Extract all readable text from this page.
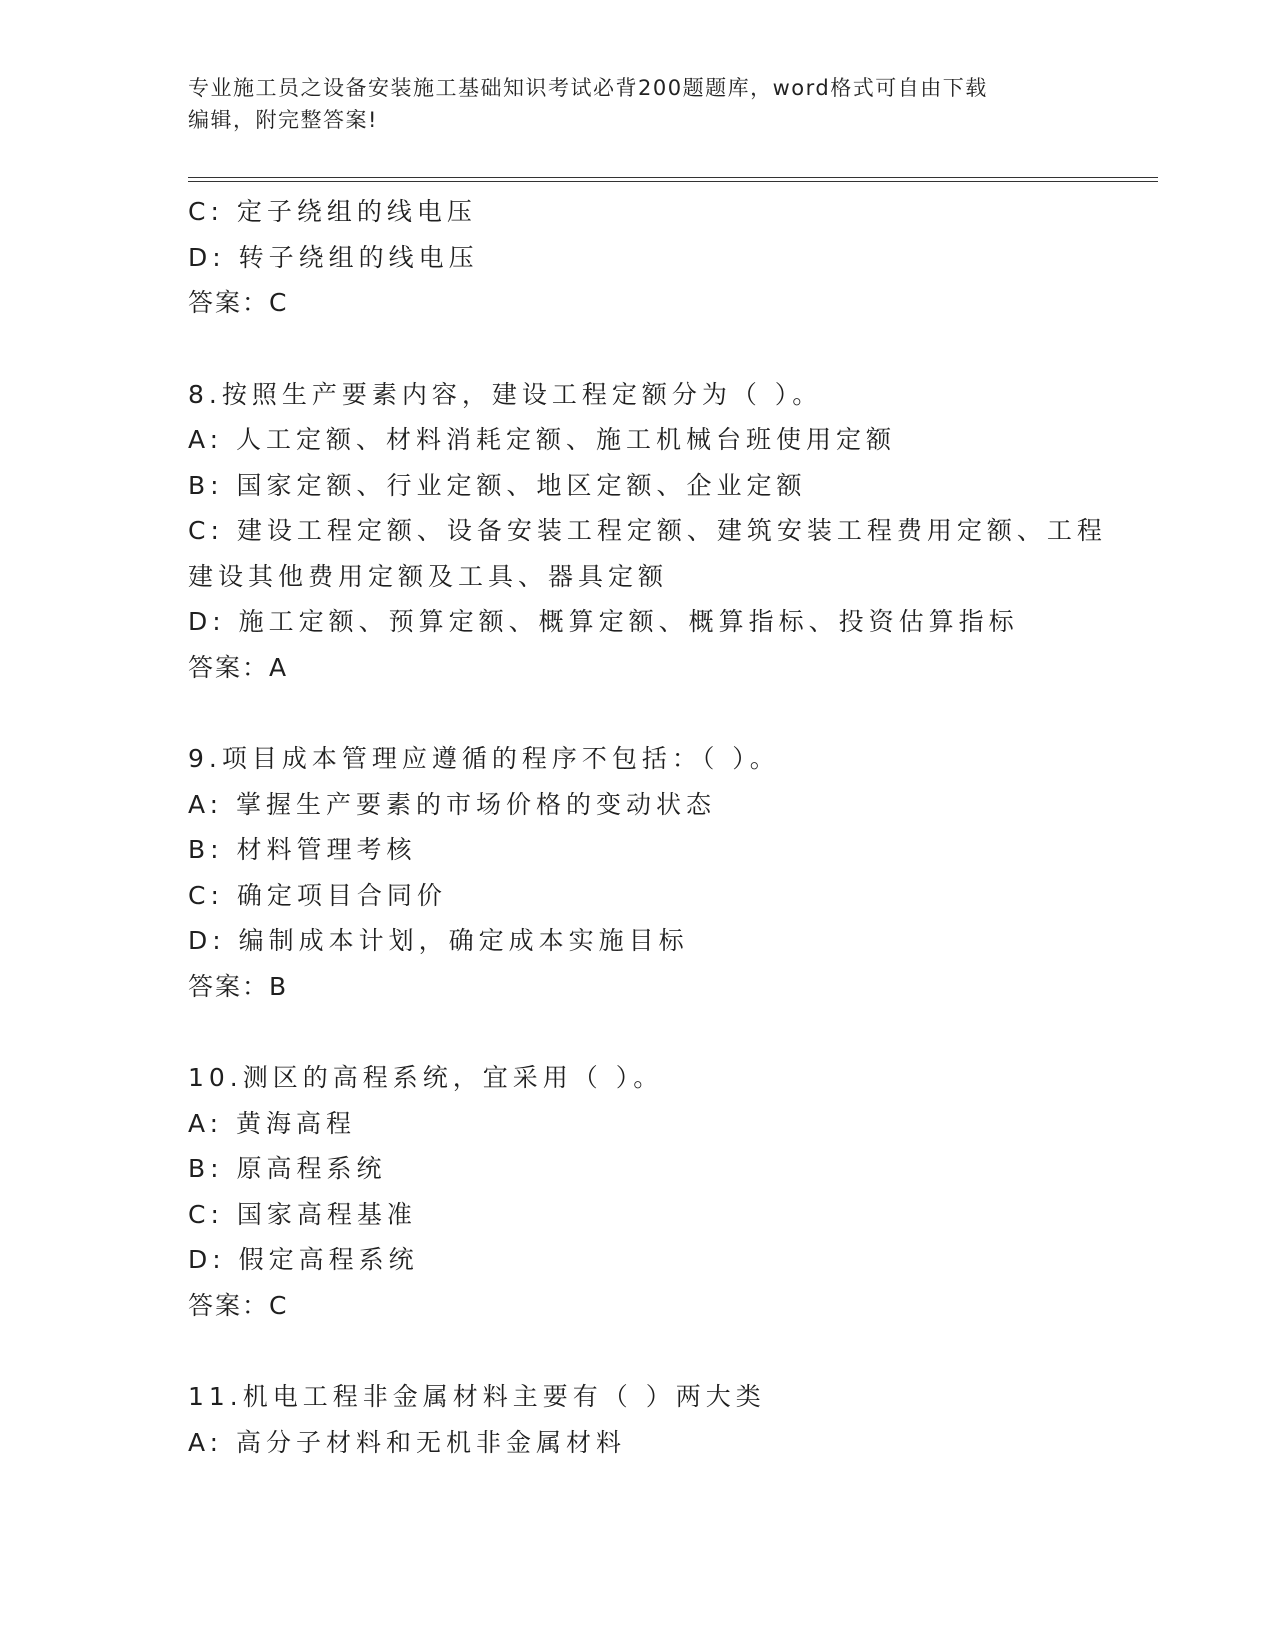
专业施工员之设备安装施工基础知识考试必背200题题库，word格式可自由下载
编辑，附完整答案!
C: 定子绕组的线电压
D: 转子绕组的线电压
答案：C
8.按照生产要素内容，建设工程定额分为（ ）。
A: 人工定额、材料消耗定额、施工机械台班使用定额
B: 国家定额、行业定额、地区定额、企业定额
C: 建设工程定额、设备安装工程定额、建筑安装工程费用定额、工程
建设其他费用定额及工具、器具定额
D: 施工定额、预算定额、概算定额、概算指标、投资估算指标
答案：A
9.项目成本管理应遵循的程序不包括：（ ）。
A: 掌握生产要素的市场价格的变动状态
B: 材料管理考核
C: 确定项目合同价
D: 编制成本计划，确定成本实施目标
答案：B
10.测区的高程系统，宜采用（ ）。
A: 黄海高程
B: 原高程系统
C: 国家高程基准
D: 假定高程系统
答案：C
11.机电工程非金属材料主要有（ ）两大类
A: 高分子材料和无机非金属材料
